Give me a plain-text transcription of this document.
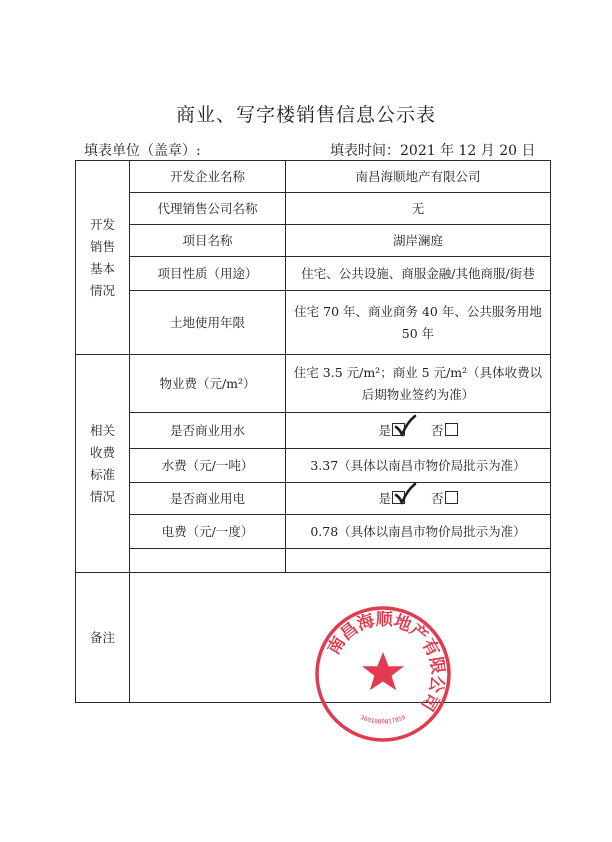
商业、写字楼销售信息公示表
填表单位（盖章）:	填表时间：2021 年 12 月 20 日
开发
销售
基本
情况	开发企业名称	南昌海顺地产有限公司
	代理销售公司名称	无
	项目名称	湖岸澜庭
	项目性质（用途）	住宅、公共设施、商服金融/其他商服/街巷
	土地使用年限	住宅 70 年、商业商务 40 年、公共服务用地 50 年

相关
收费
标准
情况	物业费（元/m²）	住宅 3.5 元/m²；商业 5 元/m²（具体收费以后期物业签约为准）
	是否商业用水	是 否
	水费（元/一吨）	3.37（具体以南昌市物价局批示为准）
	是否商业用电	是 否
	电费（元/一度）	0.78（具体以南昌市物价局批示为准）

备注			南昌海顺地产有限公司
3601080017859
